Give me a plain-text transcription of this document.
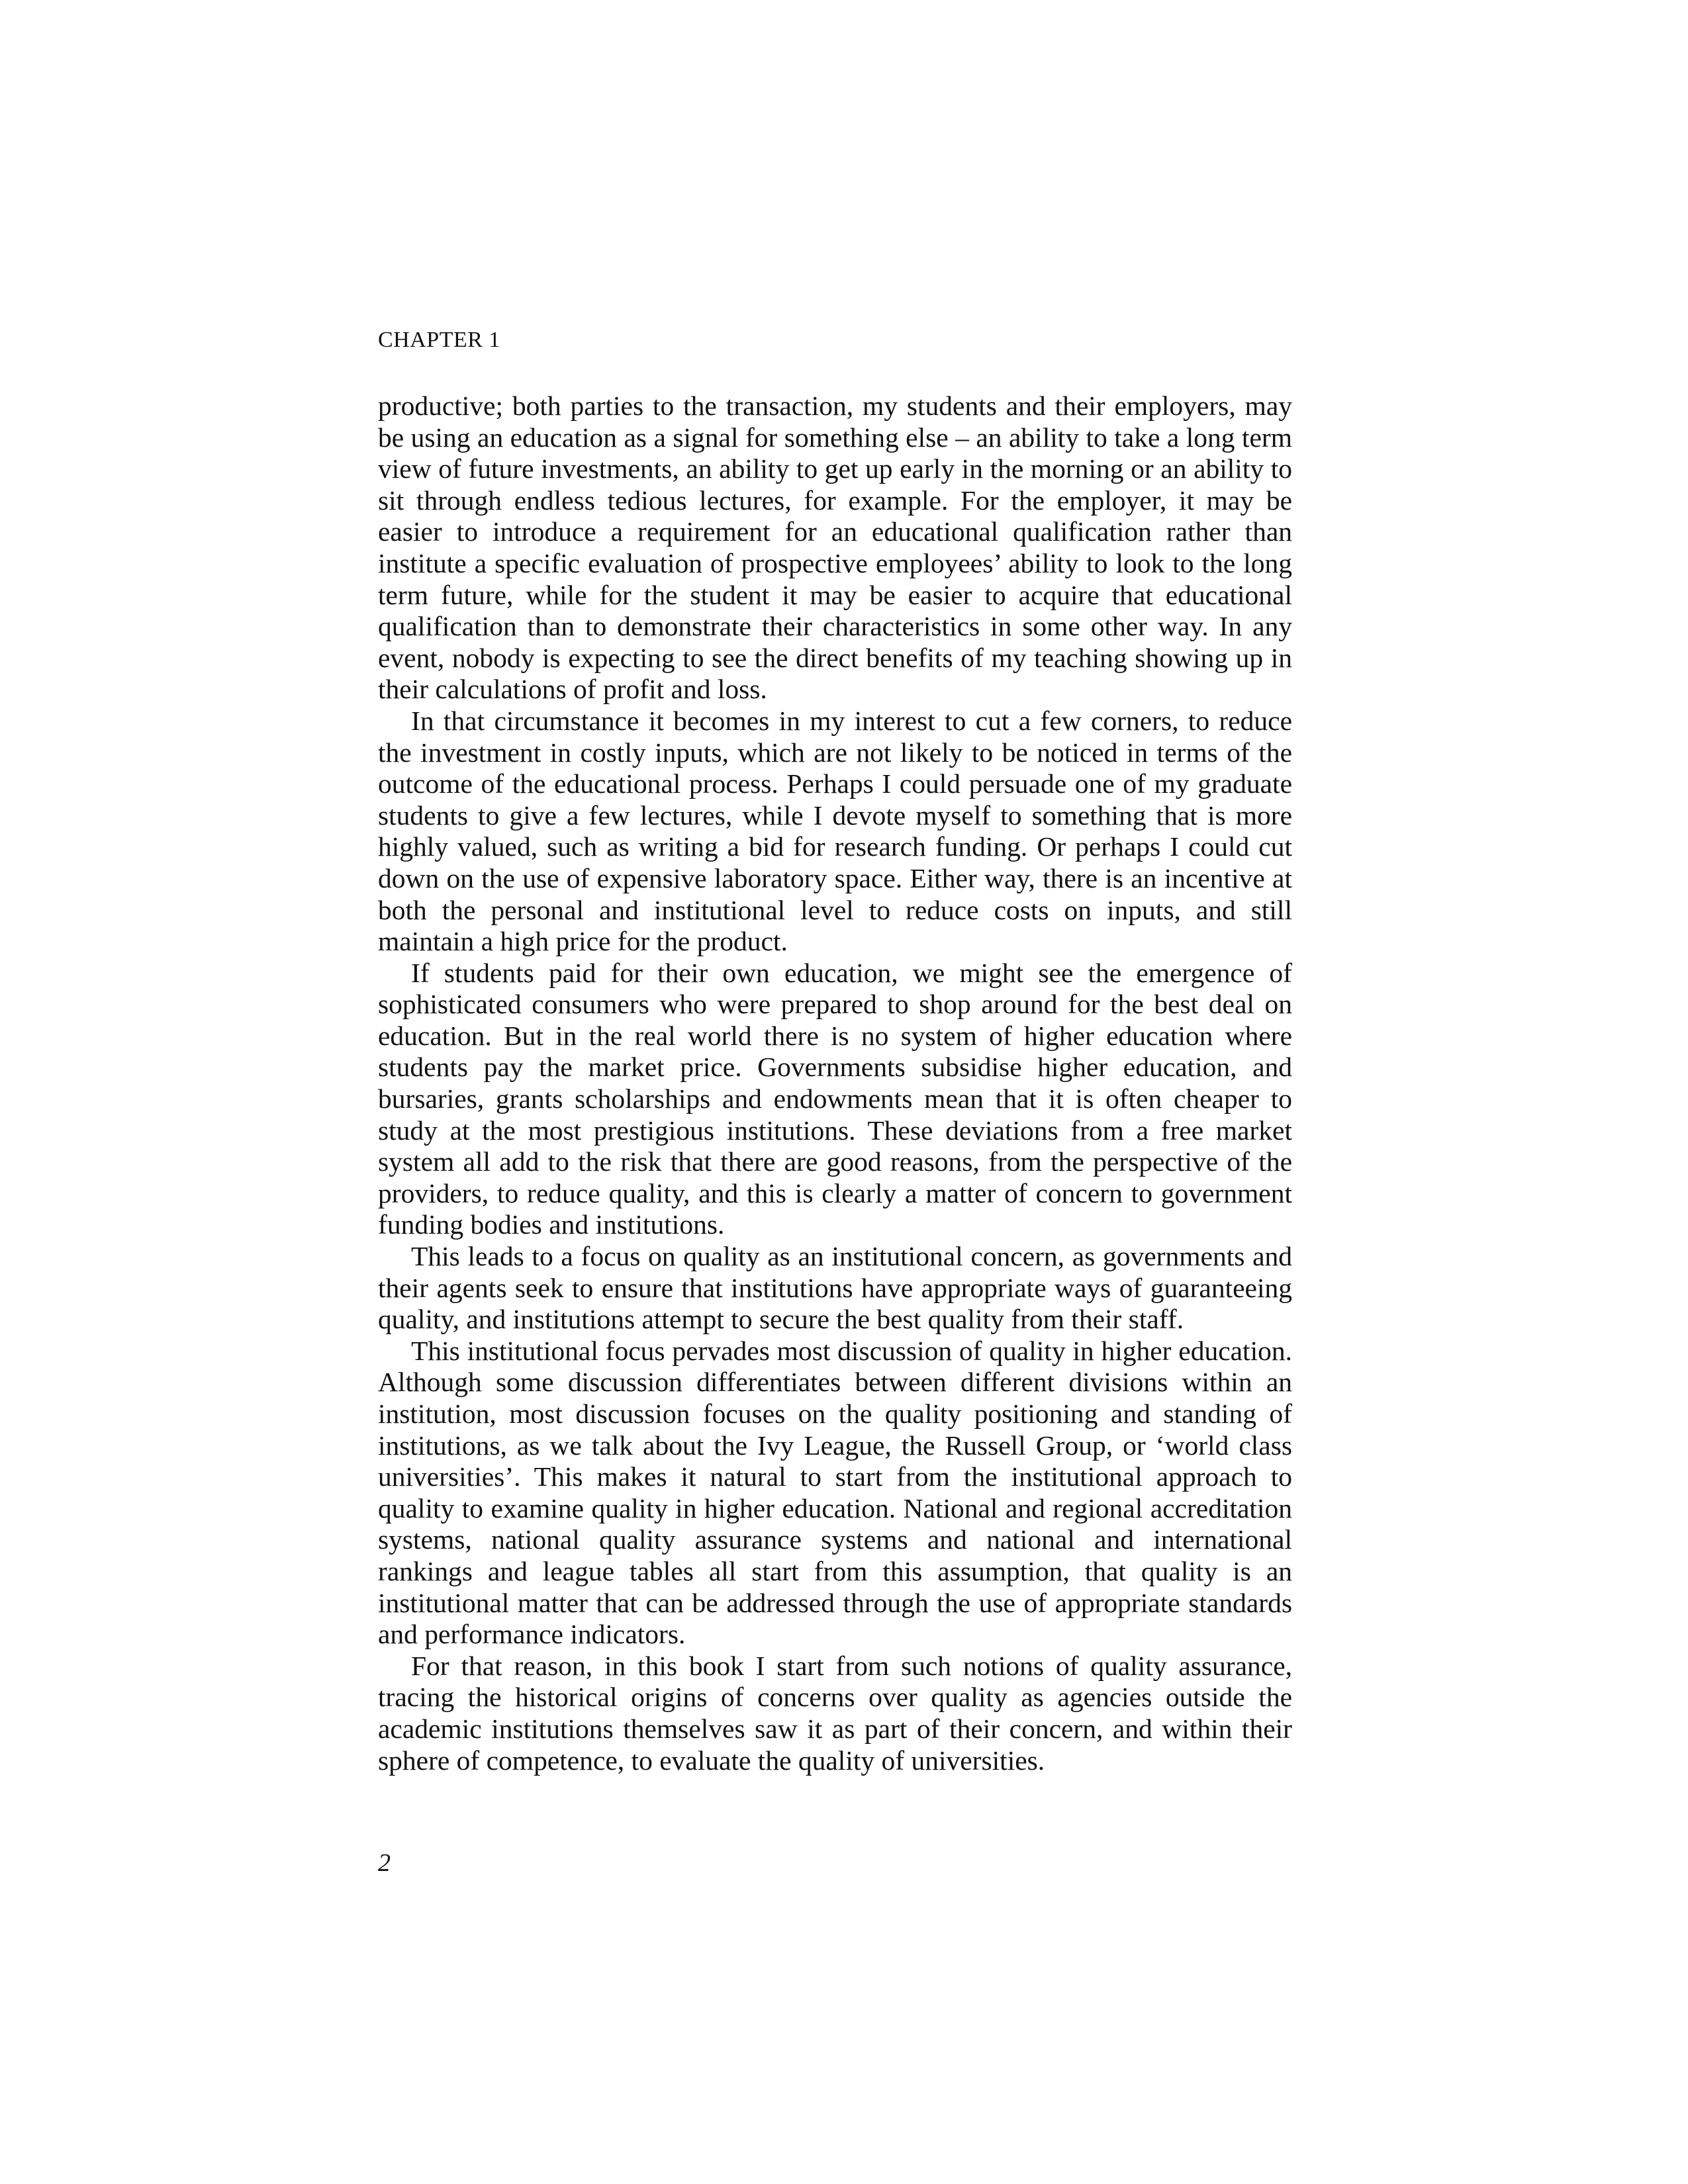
CHAPTER 1

productive; both parties to the transaction, my students and their employers, may be using an education as a signal for something else – an ability to take a long term view of future investments, an ability to get up early in the morning or an ability to sit through endless tedious lectures, for example. For the employer, it may be easier to introduce a requirement for an educational qualification rather than institute a specific evaluation of prospective employees’ ability to look to the long term future, while for the student it may be easier to acquire that educational qualification than to demonstrate their characteristics in some other way. In any event, nobody is expecting to see the direct benefits of my teaching showing up in their calculations of profit and loss.

In that circumstance it becomes in my interest to cut a few corners, to reduce the investment in costly inputs, which are not likely to be noticed in terms of the outcome of the educational process. Perhaps I could persuade one of my graduate students to give a few lectures, while I devote myself to something that is more highly valued, such as writing a bid for research funding. Or perhaps I could cut down on the use of expensive laboratory space. Either way, there is an incentive at both the personal and institutional level to reduce costs on inputs, and still maintain a high price for the product.

If students paid for their own education, we might see the emergence of sophisticated consumers who were prepared to shop around for the best deal on education. But in the real world there is no system of higher education where students pay the market price. Governments subsidise higher education, and bursaries, grants scholarships and endowments mean that it is often cheaper to study at the most prestigious institutions. These deviations from a free market system all add to the risk that there are good reasons, from the perspective of the providers, to reduce quality, and this is clearly a matter of concern to government funding bodies and institutions.

This leads to a focus on quality as an institutional concern, as governments and their agents seek to ensure that institutions have appropriate ways of guaranteeing quality, and institutions attempt to secure the best quality from their staff.

This institutional focus pervades most discussion of quality in higher education. Although some discussion differentiates between different divisions within an institution, most discussion focuses on the quality positioning and standing of institutions, as we talk about the Ivy League, the Russell Group, or ‘world class universities’. This makes it natural to start from the institutional approach to quality to examine quality in higher education. National and regional accreditation systems, national quality assurance systems and national and international rankings and league tables all start from this assumption, that quality is an institutional matter that can be addressed through the use of appropriate standards and performance indicators.

For that reason, in this book I start from such notions of quality assurance, tracing the historical origins of concerns over quality as agencies outside the academic institutions themselves saw it as part of their concern, and within their sphere of competence, to evaluate the quality of universities.

2
